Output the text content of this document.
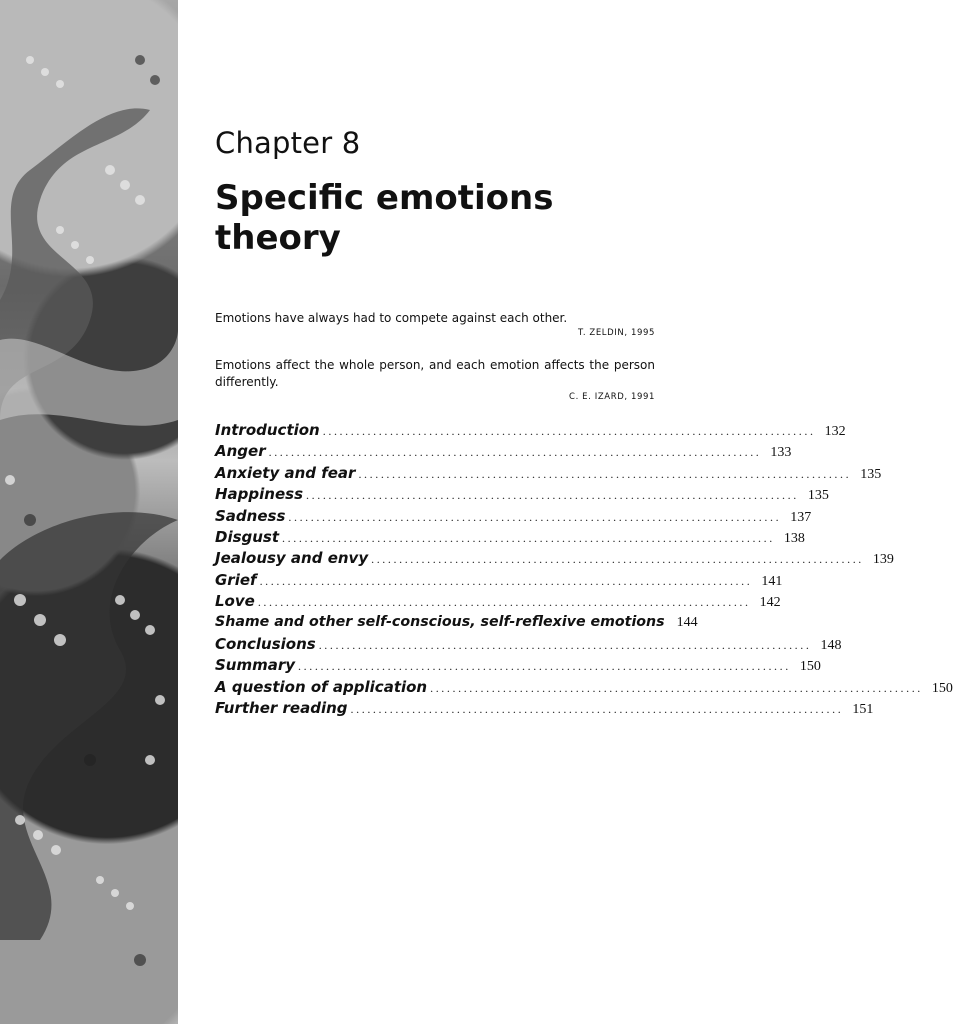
Chapter 8
Specific emotions theory
Emotions have always had to compete against each other.
T. ZELDIN, 1995
Emotions affect the whole person, and each emotion affects the person differently.
C. E. IZARD, 1991
Introduction ........................................................................................ 132
Anger ........................................................................................ 133
Anxiety and fear ........................................................................................ 135
Happiness ........................................................................................ 135
Sadness ........................................................................................ 137
Disgust ........................................................................................ 138
Jealousy and envy ........................................................................................ 139
Grief ........................................................................................ 141
Love ........................................................................................ 142
Shame and other self-conscious, self-reflexive emotions 144
Conclusions ........................................................................................ 148
Summary ........................................................................................ 150
A question of application ........................................................................................ 150
Further reading ........................................................................................ 151
